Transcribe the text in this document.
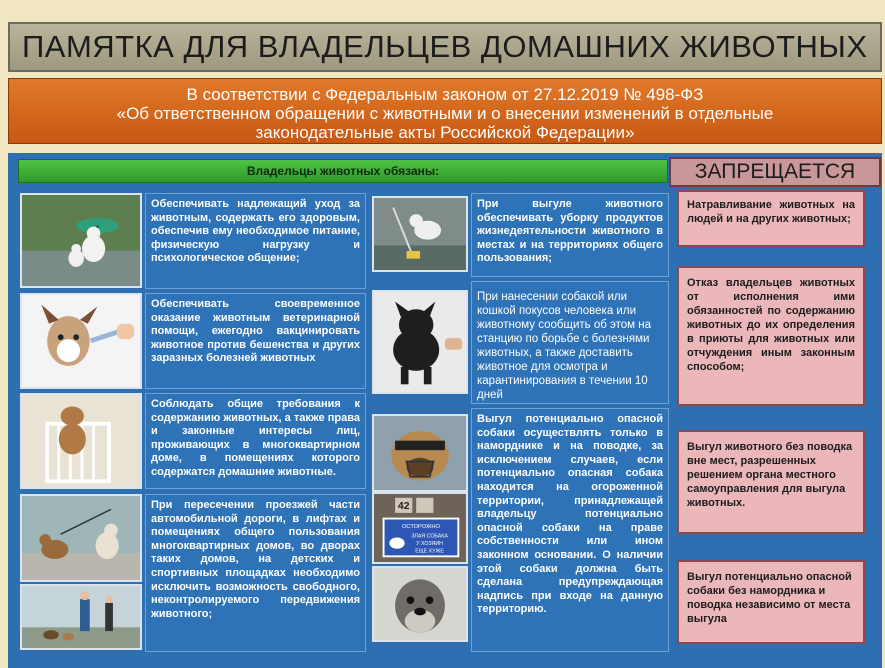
ПАМЯТКА ДЛЯ ВЛАДЕЛЬЦЕВ ДОМАШНИХ ЖИВОТНЫХ
В соответствии с Федеральным законом от 27.12.2019 № 498-ФЗ
«Об ответственном обращении с животными и о внесении изменений в отдельные
законодательные акты Российской Федерации»
Владельцы животных обязаны:	ЗАПРЕЩАЕТСЯ
Обеспечивать надлежащий уход за животным, содержать его здоровым, обеспечив ему необходимое питание, физическую нагрузку и психологическое общение;
Обеспечивать своевременное оказание животным ветеринарной помощи, ежегодно вакцинировать животное против бешенства и других заразных болезней животных
Соблюдать общие требования к содержанию животных, а также права и законные интересы лиц, проживающих в многоквартирном доме, в помещениях которого содержатся домашние животные.
При пересечении проезжей части автомобильной дороги, в лифтах и помещениях общего пользования многоквартирных домов, во дворах таких домов, на детских и спортивных площадках необходимо исключить возможность свободного, неконтролируемого передвижения животного;
42
ОСТОРОЖНО
ЗЛАЯ СОБАКА
У ХОЗЯИН
ЕЩЕ ХУЖЕ
При выгуле животного обеспечивать уборку продуктов жизнедеятельности животного в местах и на территориях общего пользования;
При нанесении собакой или кошкой покусов человека или животному сообщить об этом на станцию по борьбе с болезнями животных, а также доставить животное для осмотра и карантинирования в течении 10 дней
Выгул потенциально опасной собаки осуществлять только в наморднике и на поводке, за исключением случаев, если потенциально опасная собака находится на огороженной территории, принадлежащей владельцу потенциально опасной собаки на праве собственности или ином законном основании. О наличии этой собаки должна быть сделана предупреждающая надпись при входе на данную территорию.
Натравливание животных на людей и на других животных;
Отказ владельцев животных от исполнения ими обязанностей по содержанию животных до их определения в приюты для животных или отчуждения иным законным способом;
Выгул животного без поводка вне мест, разрешенных решением органа местного самоуправления для выгула животных.
Выгул потенциально опасной собаки без намордника и поводка независимо от места выгула
